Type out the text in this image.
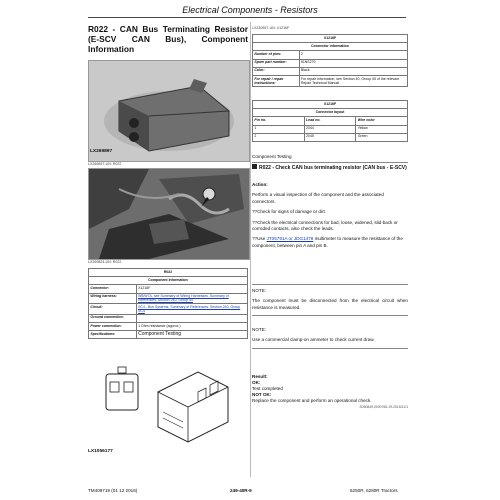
Electrical Components - Resistors
R022 - CAN Bus Terminating Resistor (E-SCV CAN Bus), Component Information
LX269897
LX269897-UN: R022
LX269824-UN: R022
R022	
Component Information	
Connector:	X1216F
Wiring harness:	W5/W7A, see Summary of Wiring Harnesses. Summary of References. Section 240, Group 40
Circuit:	SC4 - Bus Systems, Summary of References. Section 240, Group SC4
Ground connection:	
Power connection:	1 Ohm resistance (approx.)
Specifications:	Component Testing
LX1056177
LX230557-UN: X1216F
X1216F	
Connector information	
Number of pins:	2
Spare part number:	51NS279
Color:	Black
For repair / repair instructions:	For repair information, see Section 40, Group 05 of the relevant Repair Technical Manual
X1216F		
Connector layout		
Pin no.	Lead no.	Wire color
1	2044	Yellow
2	2045	Green
Component Testing
R022 - Check CAN bus terminating resistor (CAN bus - E-SCV)

Action:

Perform a visual inspection of the component and the associated connectors.

??Check for signs of damage or dirt.

??Check the electrical connections for bad, loose, widened, slid-back or corroded contacts, also check the leads.

??Use JT05791A or JDG1478 multimeter to measure the resistance of the component, between pin A and pin B.

NOTE:

The component must be disconnected from the electrical circuit when resistance is measured.

NOTE:

Use a commercial clamp-on ammeter to check current draw.

Result:
OK:
Test completed
NOT OK:
Replace the component and perform an operational check.
JD60849,0000766-19-2016/11/1
TM409719 (01 12 2016)	249-40R-9	6250R, 6280R Tractors
